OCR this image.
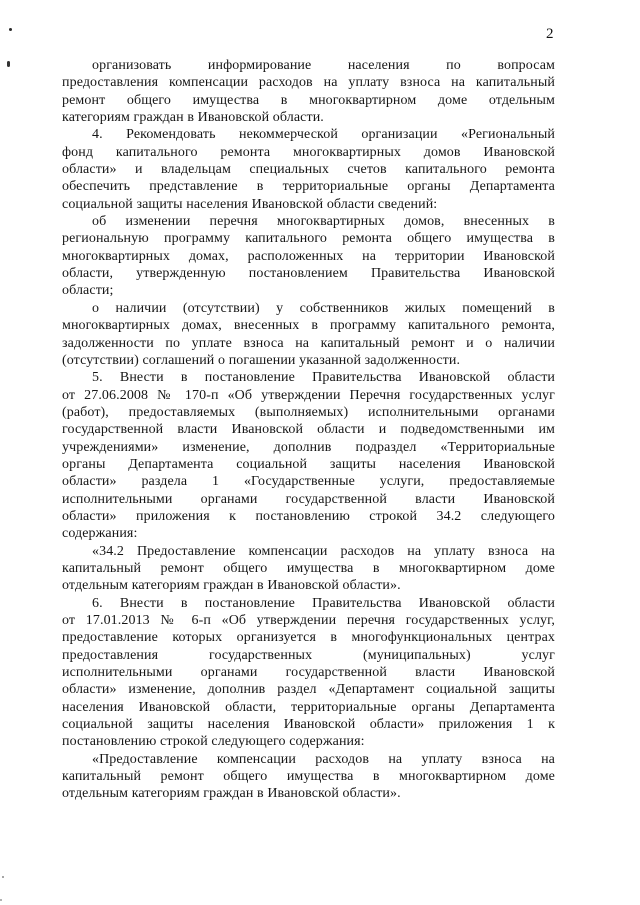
2
организовать информирование населения по вопросам
предоставления компенсации расходов на уплату взноса на капитальный
ремонт общего имущества в многоквартирном доме отдельным
категориям граждан в Ивановской области.
4. Рекомендовать некоммерческой организации «Региональный
фонд капитального ремонта многоквартирных домов Ивановской
области» и владельцам специальных счетов капитального ремонта
обеспечить представление в территориальные органы Департамента
социальной защиты населения Ивановской области сведений:
об изменении перечня многоквартирных домов, внесенных в
региональную программу капитального ремонта общего имущества в
многоквартирных домах, расположенных на территории Ивановской
области, утвержденную постановлением Правительства Ивановской
области;
о наличии (отсутствии) у собственников жилых помещений в
многоквартирных домах, внесенных в программу капитального ремонта,
задолженности по уплате взноса на капитальный ремонт и о наличии
(отсутствии) соглашений о погашении указанной задолженности.
5. Внести в постановление Правительства Ивановской области
от 27.06.2008 № 170-п «Об утверждении Перечня государственных услуг
(работ), предоставляемых (выполняемых) исполнительными органами
государственной власти Ивановской области и подведомственными им
учреждениями» изменение, дополнив подраздел «Территориальные
органы Департамента социальной защиты населения Ивановской
области» раздела 1 «Государственные услуги, предоставляемые
исполнительными органами государственной власти Ивановской
области» приложения к постановлению строкой 34.2 следующего
содержания:
«34.2 Предоставление компенсации расходов на уплату взноса на
капитальный ремонт общего имущества в многоквартирном доме
отдельным категориям граждан в Ивановской области».
6. Внести в постановление Правительства Ивановской области
от 17.01.2013 № 6-п «Об утверждении перечня государственных услуг,
предоставление которых организуется в многофункциональных центрах
предоставления государственных (муниципальных) услуг
исполнительными органами государственной власти Ивановской
области» изменение, дополнив раздел «Департамент социальной защиты
населения Ивановской области, территориальные органы Департамента
социальной защиты населения Ивановской области» приложения 1 к
постановлению строкой следующего содержания:
«Предоставление компенсации расходов на уплату взноса на
капитальный ремонт общего имущества в многоквартирном доме
отдельным категориям граждан в Ивановской области».
